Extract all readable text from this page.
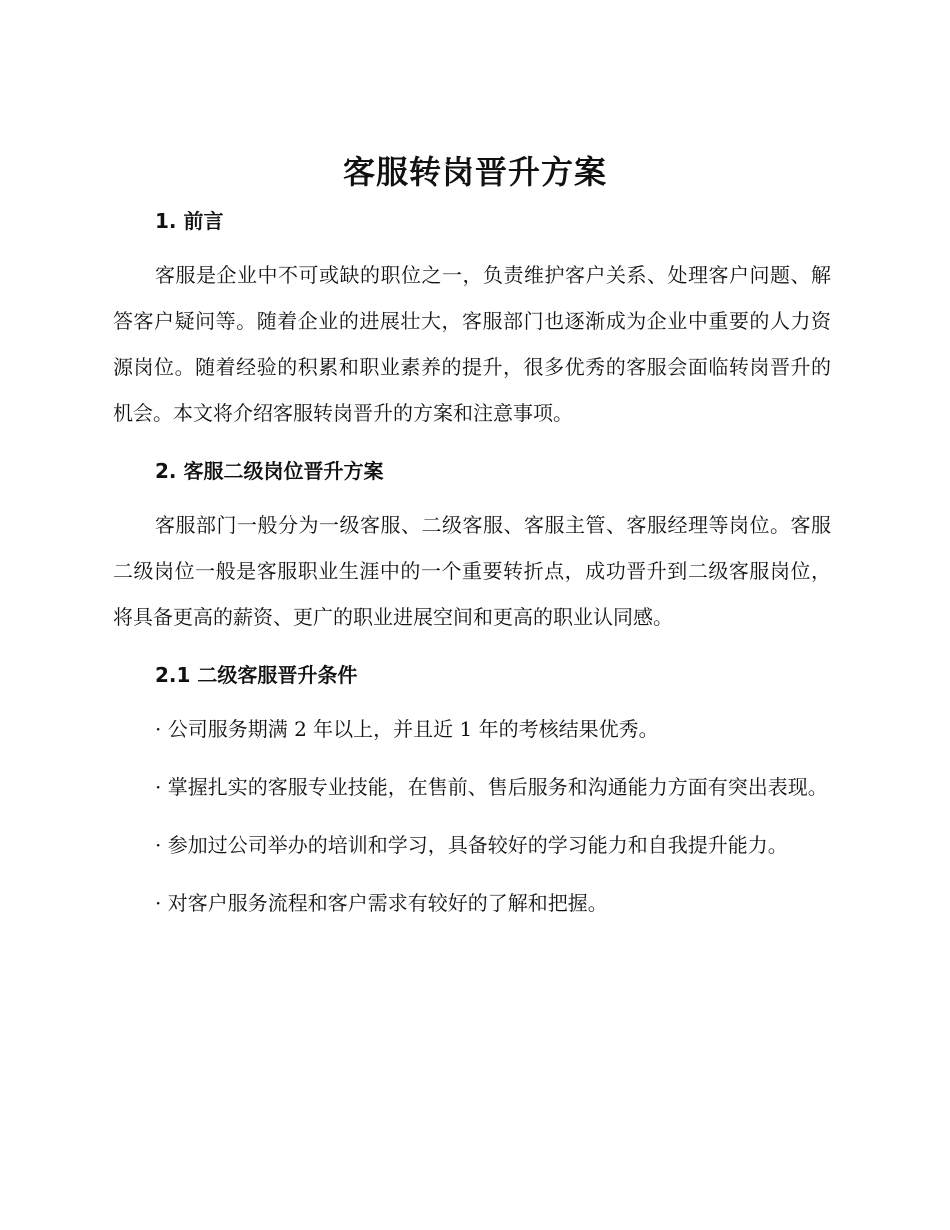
客服转岗晋升方案
1. 前言

客服是企业中不可或缺的职位之一，负责维护客户关系、处理客户问题、解答客户疑问等。随着企业的进展壮大，客服部门也逐渐成为企业中重要的人力资源岗位。随着经验的积累和职业素养的提升，很多优秀的客服会面临转岗晋升的机会。本文将介绍客服转岗晋升的方案和注意事项。

2. 客服二级岗位晋升方案

客服部门一般分为一级客服、二级客服、客服主管、客服经理等岗位。客服二级岗位一般是客服职业生涯中的一个重要转折点，成功晋升到二级客服岗位，将具备更高的薪资、更广的职业进展空间和更高的职业认同感。

2.1 二级客服晋升条件

· 公司服务期满 2 年以上，并且近 1 年的考核结果优秀。

· 掌握扎实的客服专业技能，在售前、售后服务和沟通能力方面有突出表现。

· 参加过公司举办的培训和学习，具备较好的学习能力和自我提升能力。

· 对客户服务流程和客户需求有较好的了解和把握。
